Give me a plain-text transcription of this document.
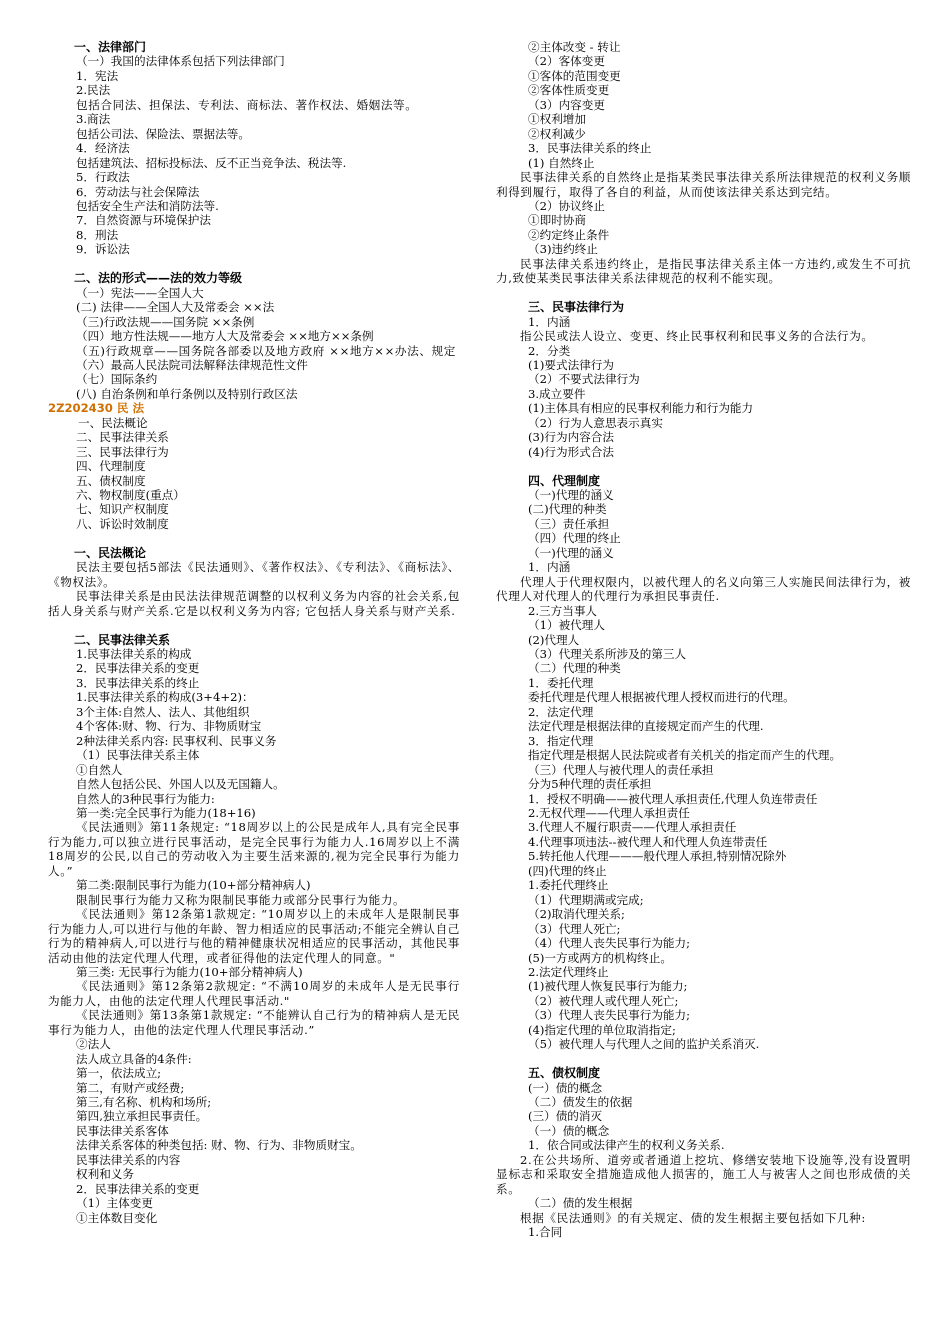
一、法律部门
（一）我国的法律体系包括下列法律部门
1．宪法
2.民法
包括合同法、担保法、专利法、商标法、著作权法、婚姻法等。
3.商法
包括公司法、保险法、票据法等。
4．经济法
包括建筑法、招标投标法、反不正当竞争法、税法等.
5．行政法
6．劳动法与社会保障法
包括安全生产法和消防法等.
7．自然资源与环境保护法
8．刑法
9．诉讼法
二、法的形式——法的效力等级
（一）宪法——全国人大
(二) 法律——全国人大及常委会 ××法
（三)行政法规——国务院 ××条例
（四）地方性法规——地方人大及常委会 ××地方××条例
（五)行政规章——国务院各部委以及地方政府 ××地方××办法、规定
（六）最高人民法院司法解释法律规范性文件
（七）国际条约
(八) 自治条例和单行条例以及特别行政区法
2Z202430 民 法
一、民法概论
二、民事法律关系
三、民事法律行为
四、代理制度
五、债权制度
六、物权制度(重点）
七、知识产权制度
八、诉讼时效制度
一、民法概论
民法主要包括5部法《民法通则》、《著作权法》、《专利法》、《商标法》、《物权法》。
民事法律关系是由民法法律规范调整的以权利义务为内容的社会关系,包括人身关系与财产关系.它是以权利义务为内容; 它包括人身关系与财产关系.
二、民事法律关系
1.民事法律关系的构成
2．民事法律关系的变更
3．民事法律关系的终止
1.民事法律关系的构成(3+4+2)：
3个主体:自然人、法人、其他组织
4个客体:财、物、行为、非物质财宝
2种法律关系内容: 民事权利、民事义务
（1）民事法律关系主体
①自然人
自然人包括公民、外国人以及无国籍人。
自然人的3种民事行为能力:
第一类:完全民事行为能力(18+16)
《民法通则》第11条规定: “18周岁以上的公民是成年人,具有完全民事行为能力,可以独立进行民事活动，是完全民事行为能力人.16周岁以上不满18周岁的公民,以自己的劳动收入为主要生活来源的,视为完全民事行为能力人。”
第二类:限制民事行为能力(10+部分精神病人)
限制民事行为能力又称为限制民事能力或部分民事行为能力。
《民法通则》第12条第1款规定: “10周岁以上的未成年人是限制民事行为能力人,可以进行与他的年龄、智力相适应的民事活动;不能完全辨认自己行为的精神病人,可以进行与他的精神健康状况相适应的民事活动，其他民事活动由他的法定代理人代理，或者征得他的法定代理人的同意。"
第三类: 无民事行为能力(10+部分精神病人)
《民法通则》第12条第2款规定: “不满10周岁的未成年人是无民事行为能力人，由他的法定代理人代理民事活动."
《民法通则》第13条第1款规定: “不能辨认自己行为的精神病人是无民事行为能力人，由他的法定代理人代理民事活动.”
②法人
法人成立具备的4条件:
第一，依法成立;
第二，有财产或经费;
第三,有名称、机构和场所;
第四,独立承担民事责任。
民事法律关系客体
法律关系客体的种类包括: 财、物、行为、非物质财宝。
民事法律关系的内容
权利和义务
2．民事法律关系的变更
（1）主体变更
①主体数目变化
②主体改变 - 转让
（2）客体变更
①客体的范围变更
②客体性质变更
（3）内容变更
①权利增加
②权利减少
3．民事法律关系的终止
(1) 自然终止
民事法律关系的自然终止是指某类民事法律关系所法律规范的权利义务顺利得到履行，取得了各自的利益，从而使该法律关系达到完结。
（2）协议终止
①即时协商
②约定终止条件
（3)违约终止
民事法律关系违约终止，是指民事法律关系主体一方违约,或发生不可抗力,致使某类民事法律关系法律规范的权利不能实现。
三、民事法律行为
1．内涵
指公民或法人设立、变更、终止民事权利和民事义务的合法行为。
2．分类
(1)要式法律行为
（2）不要式法律行为
3.成立要件
(1)主体具有相应的民事权利能力和行为能力
（2）行为人意思表示真实
(3)行为内容合法
(4)行为形式合法
四、代理制度
（一)代理的涵义
(二)代理的种类
（三）责任承担
（四）代理的终止
（一)代理的涵义
1．内涵
代理人于代理权限内，以被代理人的名义向第三人实施民间法律行为，被代理人对代理人的代理行为承担民事责任.
2.三方当事人
（1）被代理人
(2)代理人
（3）代理关系所涉及的第三人
（二）代理的种类
1．委托代理
委托代理是代理人根据被代理人授权而进行的代理。
2．法定代理
法定代理是根据法律的直接规定而产生的代理.
3．指定代理
指定代理是根据人民法院或者有关机关的指定而产生的代理。
（三）代理人与被代理人的责任承担
分为5种代理的责任承担
1．授权不明确——被代理人承担责任,代理人负连带责任
2.无权代理——代理人承担责任
3.代理人不履行职责——代理人承担责任
4.代理事项违法--被代理人和代理人负连带责任
5.转托他人代理———般代理人承担,特别情况除外
(四)代理的终止
1.委托代理终止
（1）代理期满或完成;
（2)取消代理关系;
（3）代理人死亡;
（4）代理人丧失民事行为能力;
(5)一方或两方的机构终止。
2.法定代理终止
(1)被代理人恢复民事行为能力;
（2）被代理人或代理人死亡;
（3）代理人丧失民事行为能力;
(4)指定代理的单位取消指定;
（5）被代理人与代理人之间的监护关系消灭.
五、债权制度
(一）债的概念
（二）债发生的依据
(三）债的消灭
（一）债的概念
1．依合同或法律产生的权利义务关系.
2.在公共场所、道旁或者通道上挖坑、修缮安装地下设施等,没有设置明显标志和采取安全措施造成他人损害的，施工人与被害人之间也形成债的关系。
（二）债的发生根据
根据《民法通则》的有关规定、债的发生根据主要包括如下几种:
1.合同
